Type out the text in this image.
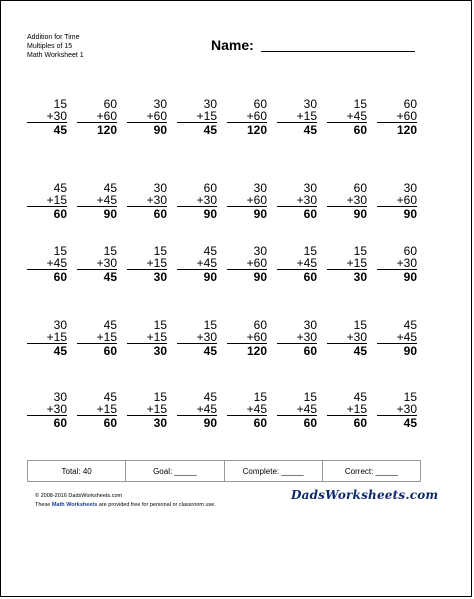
Addition for Time
Multiples of 15
Math Worksheet 1
Name:
15
+30
45
60
+60
120
30
+60
90
30
+15
45
60
+60
120
30
+15
45
15
+45
60
60
+60
120
45
+15
60
45
+45
90
30
+30
60
60
+30
90
30
+60
90
30
+30
60
60
+30
90
30
+60
90
15
+45
60
15
+30
45
15
+15
30
45
+45
90
30
+60
90
15
+45
60
15
+15
30
60
+30
90
30
+15
45
45
+15
60
15
+15
30
15
+30
45
60
+60
120
30
+30
60
15
+30
45
45
+45
90
30
+30
60
45
+15
60
15
+15
30
45
+45
90
15
+45
60
15
+45
60
45
+15
60
15
+30
45
Total: 40	Goal: _____	Complete: _____	Correct: _____
© 2008-2016 DadsWorksheets.com
These Math Worksheets are provided free for personal or classroom use.
DadsWorksheets.com
